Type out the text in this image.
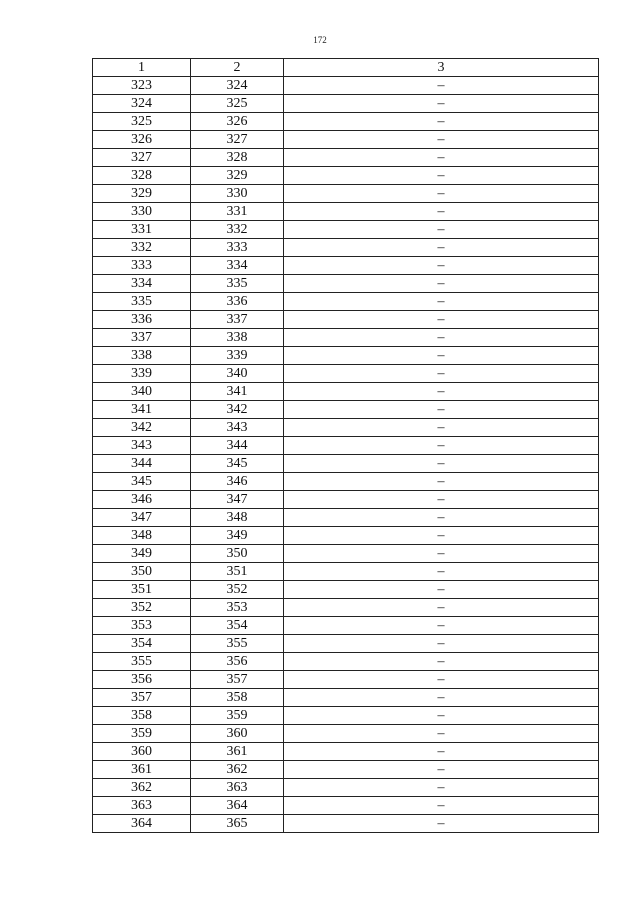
172
1	2	3
323	324	–
324	325	–
325	326	–
326	327	–
327	328	–
328	329	–
329	330	–
330	331	–
331	332	–
332	333	–
333	334	–
334	335	–
335	336	–
336	337	–
337	338	–
338	339	–
339	340	–
340	341	–
341	342	–
342	343	–
343	344	–
344	345	–
345	346	–
346	347	–
347	348	–
348	349	–
349	350	–
350	351	–
351	352	–
352	353	–
353	354	–
354	355	–
355	356	–
356	357	–
357	358	–
358	359	–
359	360	–
360	361	–
361	362	–
362	363	–
363	364	–
364	365	–
